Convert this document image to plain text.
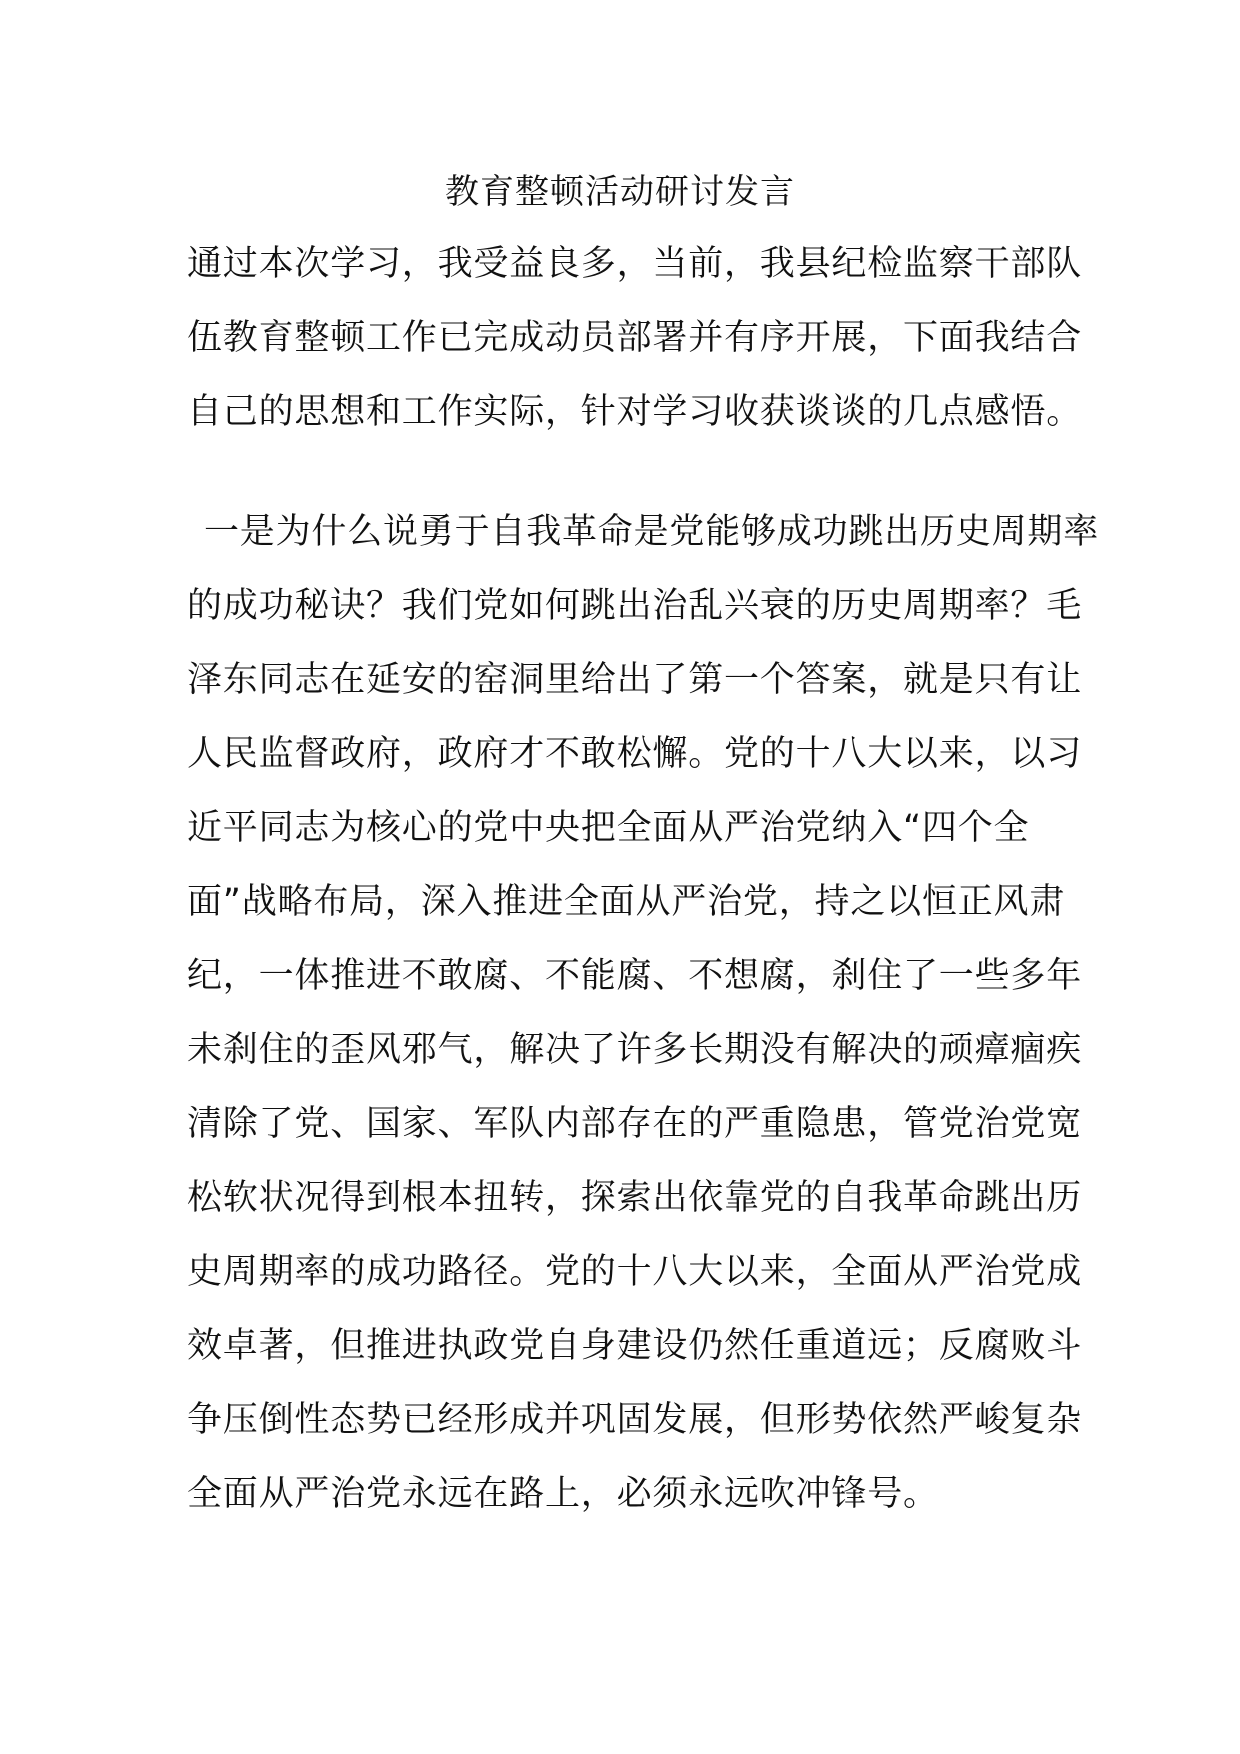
教育整顿活动研讨发言
通过本次学习，我受益良多，当前，我县纪检监察干部队
伍教育整顿工作已完成动员部署并有序开展，下面我结合
自己的思想和工作实际，针对学习收获谈谈的几点感悟。
一是为什么说勇于自我革命是党能够成功跳出历史周期率
的成功秘诀？我们党如何跳出治乱兴衰的历史周期率？毛
泽东同志在延安的窑洞里给出了第一个答案，就是只有让
人民监督政府，政府才不敢松懈。党的十八大以来，以习
近平同志为核心的党中央把全面从严治党纳入“四个全
面”战略布局，深入推进全面从严治党，持之以恒正风肃
纪，一体推进不敢腐、不能腐、不想腐，刹住了一些多年
未刹住的歪风邪气，解决了许多长期没有解决的顽瘴痼疾
清除了党、国家、军队内部存在的严重隐患，管党治党宽
松软状况得到根本扭转，探索出依靠党的自我革命跳出历
史周期率的成功路径。党的十八大以来，全面从严治党成
效卓著，但推进执政党自身建设仍然任重道远；反腐败斗
争压倒性态势已经形成并巩固发展，但形势依然严峻复杂
全面从严治党永远在路上，必须永远吹冲锋号。
